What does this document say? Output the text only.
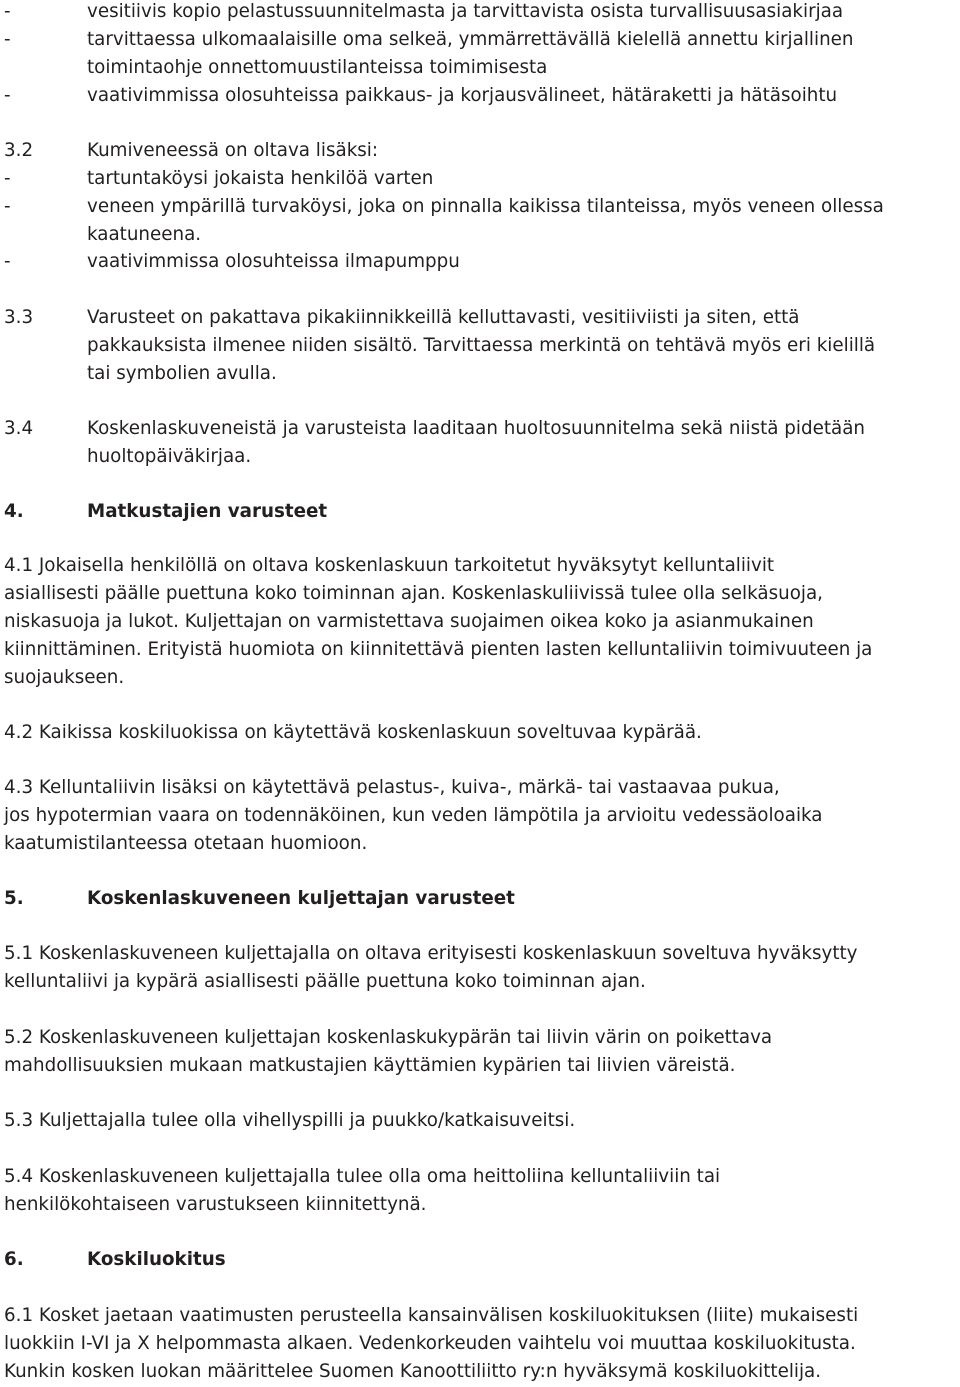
-	vesitiivis kopio pelastussuunnitelmasta ja tarvittavista osista turvallisuusasiakirjaa
-	tarvittaessa ulkomaalaisille oma selkeä, ymmärrettävällä kielellä annettu kirjallinen
toimintaohje onnettomuustilanteissa toimimisesta
-	vaativimmissa olosuhteissa paikkaus- ja korjausvälineet, hätäraketti ja hätäsoihtu
3.2	Kumiveneessä on oltava lisäksi:
-	tartuntaköysi jokaista henkilöä varten
-	veneen ympärillä turvaköysi, joka on pinnalla kaikissa tilanteissa, myös veneen ollessa
kaatuneena.
-	vaativimmissa olosuhteissa ilmapumppu
3.3	Varusteet on pakattava pikakiinnikkeillä kelluttavasti, vesitiiviisti ja siten, että
pakkauksista ilmenee niiden sisältö. Tarvittaessa merkintä on tehtävä myös eri kielillä
tai symbolien avulla.
3.4	Koskenlaskuveneistä ja varusteista laaditaan huoltosuunnitelma sekä niistä pidetään
huoltopäiväkirjaa.
4.	Matkustajien varusteet
4.1 Jokaisella henkilöllä on oltava koskenlaskuun tarkoitetut hyväksytyt kelluntaliivit
asiallisesti päälle puettuna koko toiminnan ajan. Koskenlaskuliivissä tulee olla selkäsuoja,
niskasuoja ja lukot. Kuljettajan on varmistettava suojaimen oikea koko ja asianmukainen
kiinnittäminen. Erityistä huomiota on kiinnitettävä pienten lasten kelluntaliivin toimivuuteen ja
suojaukseen.
4.2 Kaikissa koskiluokissa on käytettävä koskenlaskuun soveltuvaa kypärää.
4.3 Kelluntaliivin lisäksi on käytettävä pelastus-, kuiva-, märkä- tai vastaavaa pukua,
jos hypotermian vaara on todennäköinen, kun veden lämpötila ja arvioitu vedessäoloaika
kaatumistilanteessa otetaan huomioon.
5.	Koskenlaskuveneen kuljettajan varusteet
5.1 Koskenlaskuveneen kuljettajalla on oltava erityisesti koskenlaskuun soveltuva hyväksytty
kelluntaliivi ja kypärä asiallisesti päälle puettuna koko toiminnan ajan.
5.2 Koskenlaskuveneen kuljettajan koskenlaskukypärän tai liivin värin on poikettava
mahdollisuuksien mukaan matkustajien käyttämien kypärien tai liivien väreistä.
5.3 Kuljettajalla tulee olla vihellyspilli ja puukko/katkaisuveitsi.
5.4 Koskenlaskuveneen kuljettajalla tulee olla oma heittoliina kelluntaliiviin tai
henkilökohtaiseen varustukseen kiinnitettynä.
6.	Koskiluokitus
6.1 Kosket jaetaan vaatimusten perusteella kansainvälisen koskiluokituksen (liite) mukaisesti
luokkiin I-VI ja X helpommasta alkaen. Vedenkorkeuden vaihtelu voi muuttaa koskiluokitusta.
Kunkin kosken luokan määrittelee Suomen Kanoottiliitto ry:n hyväksymä koskiluokittelija.
